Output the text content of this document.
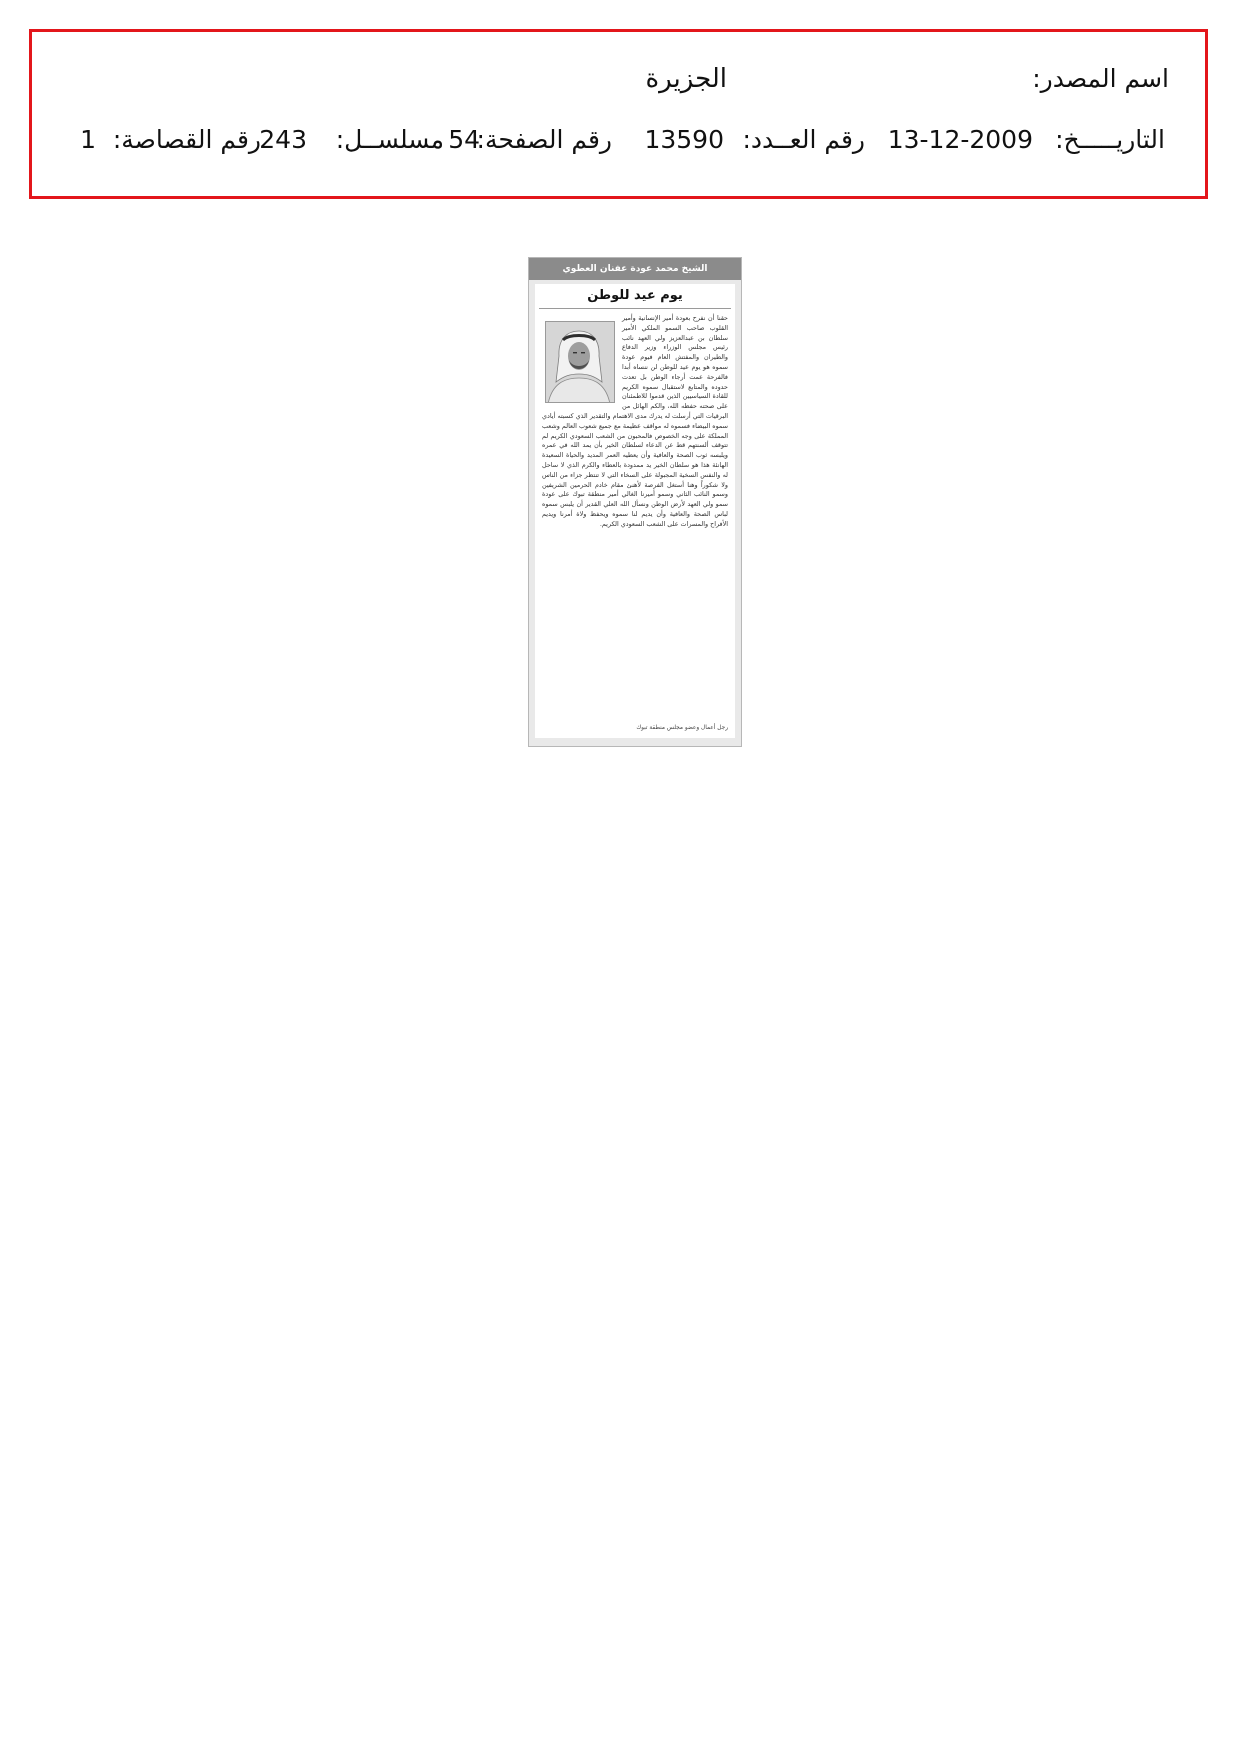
اسم المصدر:
الجزيرة
التاريـــــخ:
13-12-2009
رقم العــدد:
13590
رقم الصفحة:
54
مسلســل:
243
رقم القصاصة:
1
الشيخ محمد عودة عفنان العطوي
يوم عيد للوطن
حقنا أن نفرح بعودة أمير الإنسانية وأمير القلوب صاحب السمو الملكي الأمير سلطان بن عبدالعزيز ولي العهد نائب رئيس مجلس الوزراء وزير الدفاع والطيران والمفتش العام فيوم عودة سموه هو يوم عيد للوطن لن ننساه أبدا فالفرحة عمت أرجاء الوطن بل تعدت حدوده والمتابع لاستقبال سموه الكريم للقادة السياسيين الذين قدموا للاطمئنان على صحته حفظه الله، والكم الهائل من البرقيات التي أرسلت له يدرك مدى الاهتمام والتقدير الذي كسبته أيادي سموه البيضاء فسموه له مواقف عظيمة مع جميع شعوب العالم وشعب المملكة على وجه الخصوص فالمحبون من الشعب السعودي الكريم لم تتوقف ألسنتهم قط عن الدعاء لسلطان الخير بأن يمد الله في عمره ويلبسه ثوب الصحة والعافية وأن يعطيه العمر المديد والحياة السعيدة الهانئة هذا هو سلطان الخير يد ممدودة بالعطاء والكرم الذي لا ساحل له والنفس السخية المجبولة على السخاء التي لا تنتظر جزاء من الناس ولا شكوراً وهنا أستغل الفرصة لأهنئ مقام خادم الحرمين الشريفين وسمو النائب الثاني وسمو أميرنا الغالي أمير منطقة تبوك على عودة سمو ولي العهد لأرض الوطن ونسأل الله العلي القدير أن يلبس سموه لباس الصحة والعافية وأن يديم لنا سموه ويحفظ ولاة أمرنا ويديم الأفراح والمسرات على الشعب السعودي الكريم.
رجل أعمال وعضو مجلس منطقة تبوك
